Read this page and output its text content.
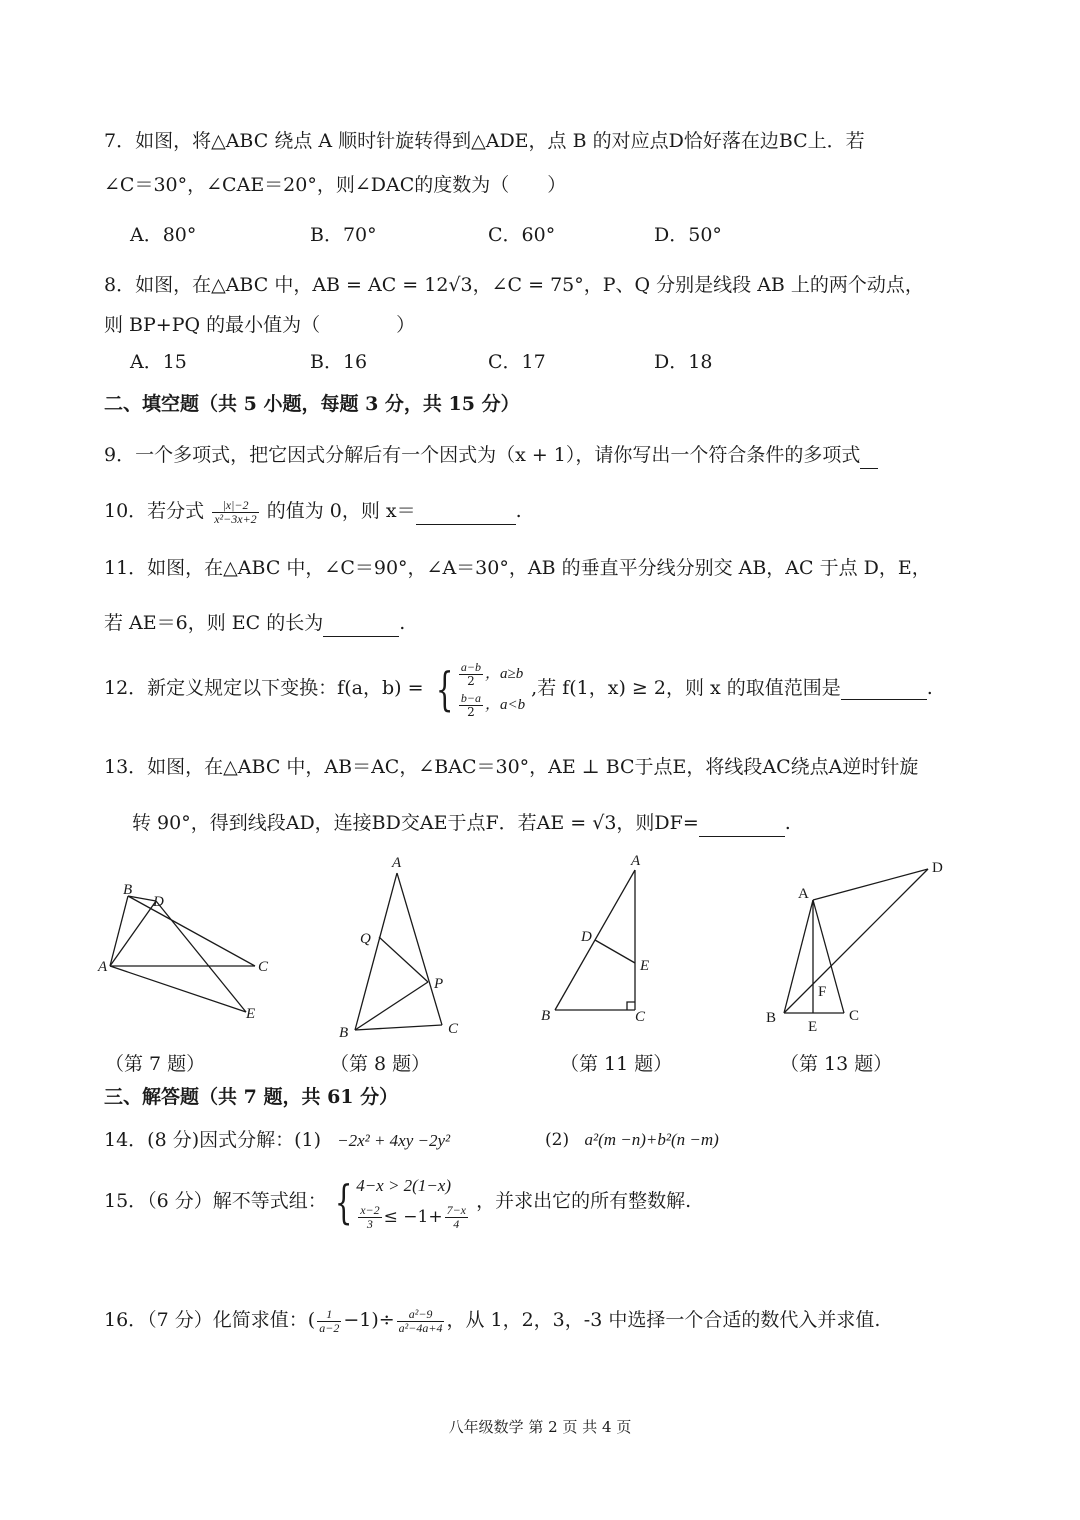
7．如图，将△ABC 绕点 A 顺时针旋转得到△ADE，点 B 的对应点D恰好落在边BC上．若
∠C＝30°，∠CAE＝20°，则∠DAC的度数为（　　）
A．80°	B．70°	C．60°	D．50°
8．如图，在△ABC 中，AB = AC = 12√3，∠C = 75°，P、Q 分别是线段 AB 上的两个动点，
则 BP+PQ 的最小值为（　　　　）
A．15	B．16	C．17	D．18
二、填空题（共 5 小题，每题 3 分，共 15 分）
9．一个多项式，把它因式分解后有一个因式为（x + 1），请你写出一个符合条件的多项式
10．若分式 $\frac{|x|-2}{\text{x²−3x+2}}$ 的值为 0，则 x＝	.
11．如图，在△ABC 中，∠C＝90°，∠A＝30°，AB 的垂直平分线分别交 AB，AC 于点 D，E，
若 AE＝6，则 EC 的长为	.
12．新定义规定以下变换：f(a，b) = { $\frac{a-b}{2}$ ，a≥b
$\frac{b-a}{2}$ ，a<b
,若 f(1，x) ≥ 2，则 x 的取值范围是	.
13．如图，在△ABC 中，AB＝AC，∠BAC＝30°，AE ⊥ BC于点E，将线段AC绕点A逆时针旋
转 90°，得到线段AD，连接BD交AE于点F．若AE = √3，则DF=	.
B
D
A	C
E
A
Q
P
B	C
A
D
E
B	C
D
A
F
B
E
C
（第 7 题）	（第 8 题）	（第 11 题）	（第 13 题）
三、解答题（共 7 题，共 61 分）
14．(8 分)因式分解：(1) −2x² + 4xy −2y²	(2) a²(m −n)+b²(n −m)
15．（6 分）解不等式组： { 4−x > 2(1−x)
$\frac{x-2}{3} \le -1+ \frac{7-x}{4}$
，并求出它的所有整数解.
16．（7 分）化简求值：( $\frac{1}{a-2} -1)\div \frac{\text{a²−9}}{\text{a²−4a+4}}$ ，从 1，2，3，-3 中选择一个合适的数代入并求值.
八年级数学 第 2 页 共 4 页
